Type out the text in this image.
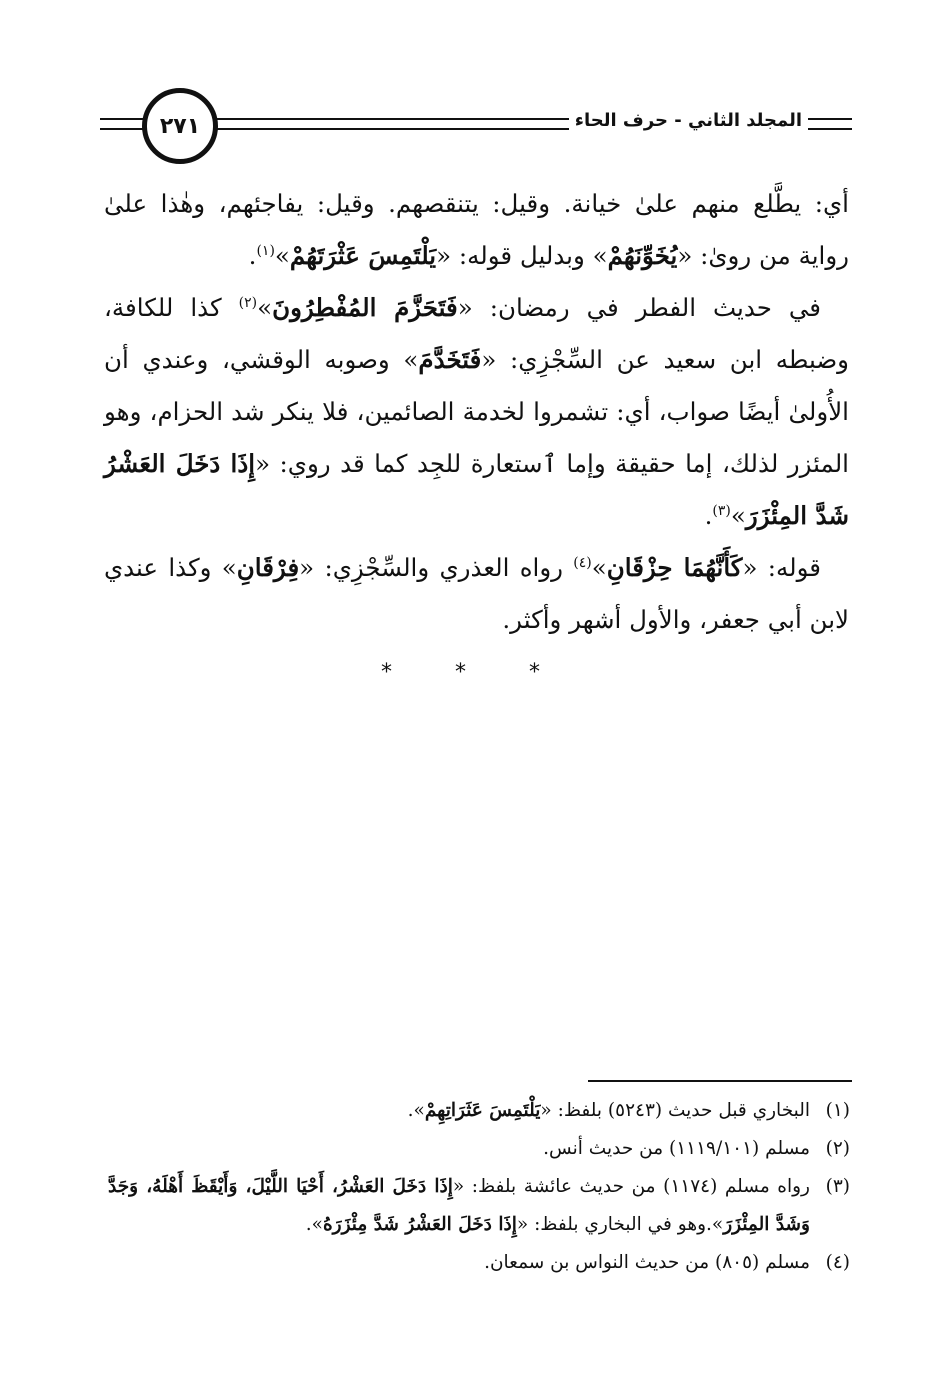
المجلد الثاني - حرف الحاء
٢٧١

أي: يطَّلع منهم علىٰ خيانة. وقيل: يتنقصهم. وقيل: يفاجئهم، وهٰذا علىٰ رواية من روىٰ: «يُخَوِّنَهُمْ» وبدليل قوله: «يَلْتَمِسَ عَثْرَتَهُمْ»$^{(١)}$.

في حديث الفطر في رمضان: «فَتَحَزَّمَ المُفْطِرُونَ»$^{(٢)}$ كذا للكافة، وضبطه ابن سعيد عن السِّجْزِي: «فَتَخَدَّمَ» وصوبه الوقشي، وعندي أن الأُولىٰ أيضًا صواب، أي: تشمروا لخدمة الصائمين، فلا ينكر شد الحزام، وهو المئزر لذلك، إما حقيقة وإما ٱستعارة للجِد كما قد روي: «إِذَا دَخَلَ العَشْرُ شَدَّ المِئْزَرَ»$^{(٣)}$.

قوله: «كَأَنَّهُمَا حِزْقَانِ»$^{(٤)}$ رواه العذري والسِّجْزِي: «فِرْقَانِ» وكذا عندي لابن أبي جعفر، والأول أشهر وأكثر.

* * *
(١)
البخاري قبل حديث (٥٢٤٣) بلفظ: «يَلْتَمِسَ عَثَرَاتِهِمْ».
(٢)
مسلم (١١١٩/١٠١) من حديث أنس.
(٣)
رواه مسلم (١١٧٤) من حديث عائشة بلفظ: «إِذَا دَخَلَ العَشْرُ، أَحْيَا اللَّيْلَ، وَأَيْقَظَ أَهْلَهُ، وَجَدَّ وَشَدَّ المِئْزَرَ».وهو في البخاري بلفظ: «إِذَا دَخَلَ العَشْرُ شَدَّ مِئْزَرَهُ».
(٤)
مسلم (٨٠٥) من حديث النواس بن سمعان.
